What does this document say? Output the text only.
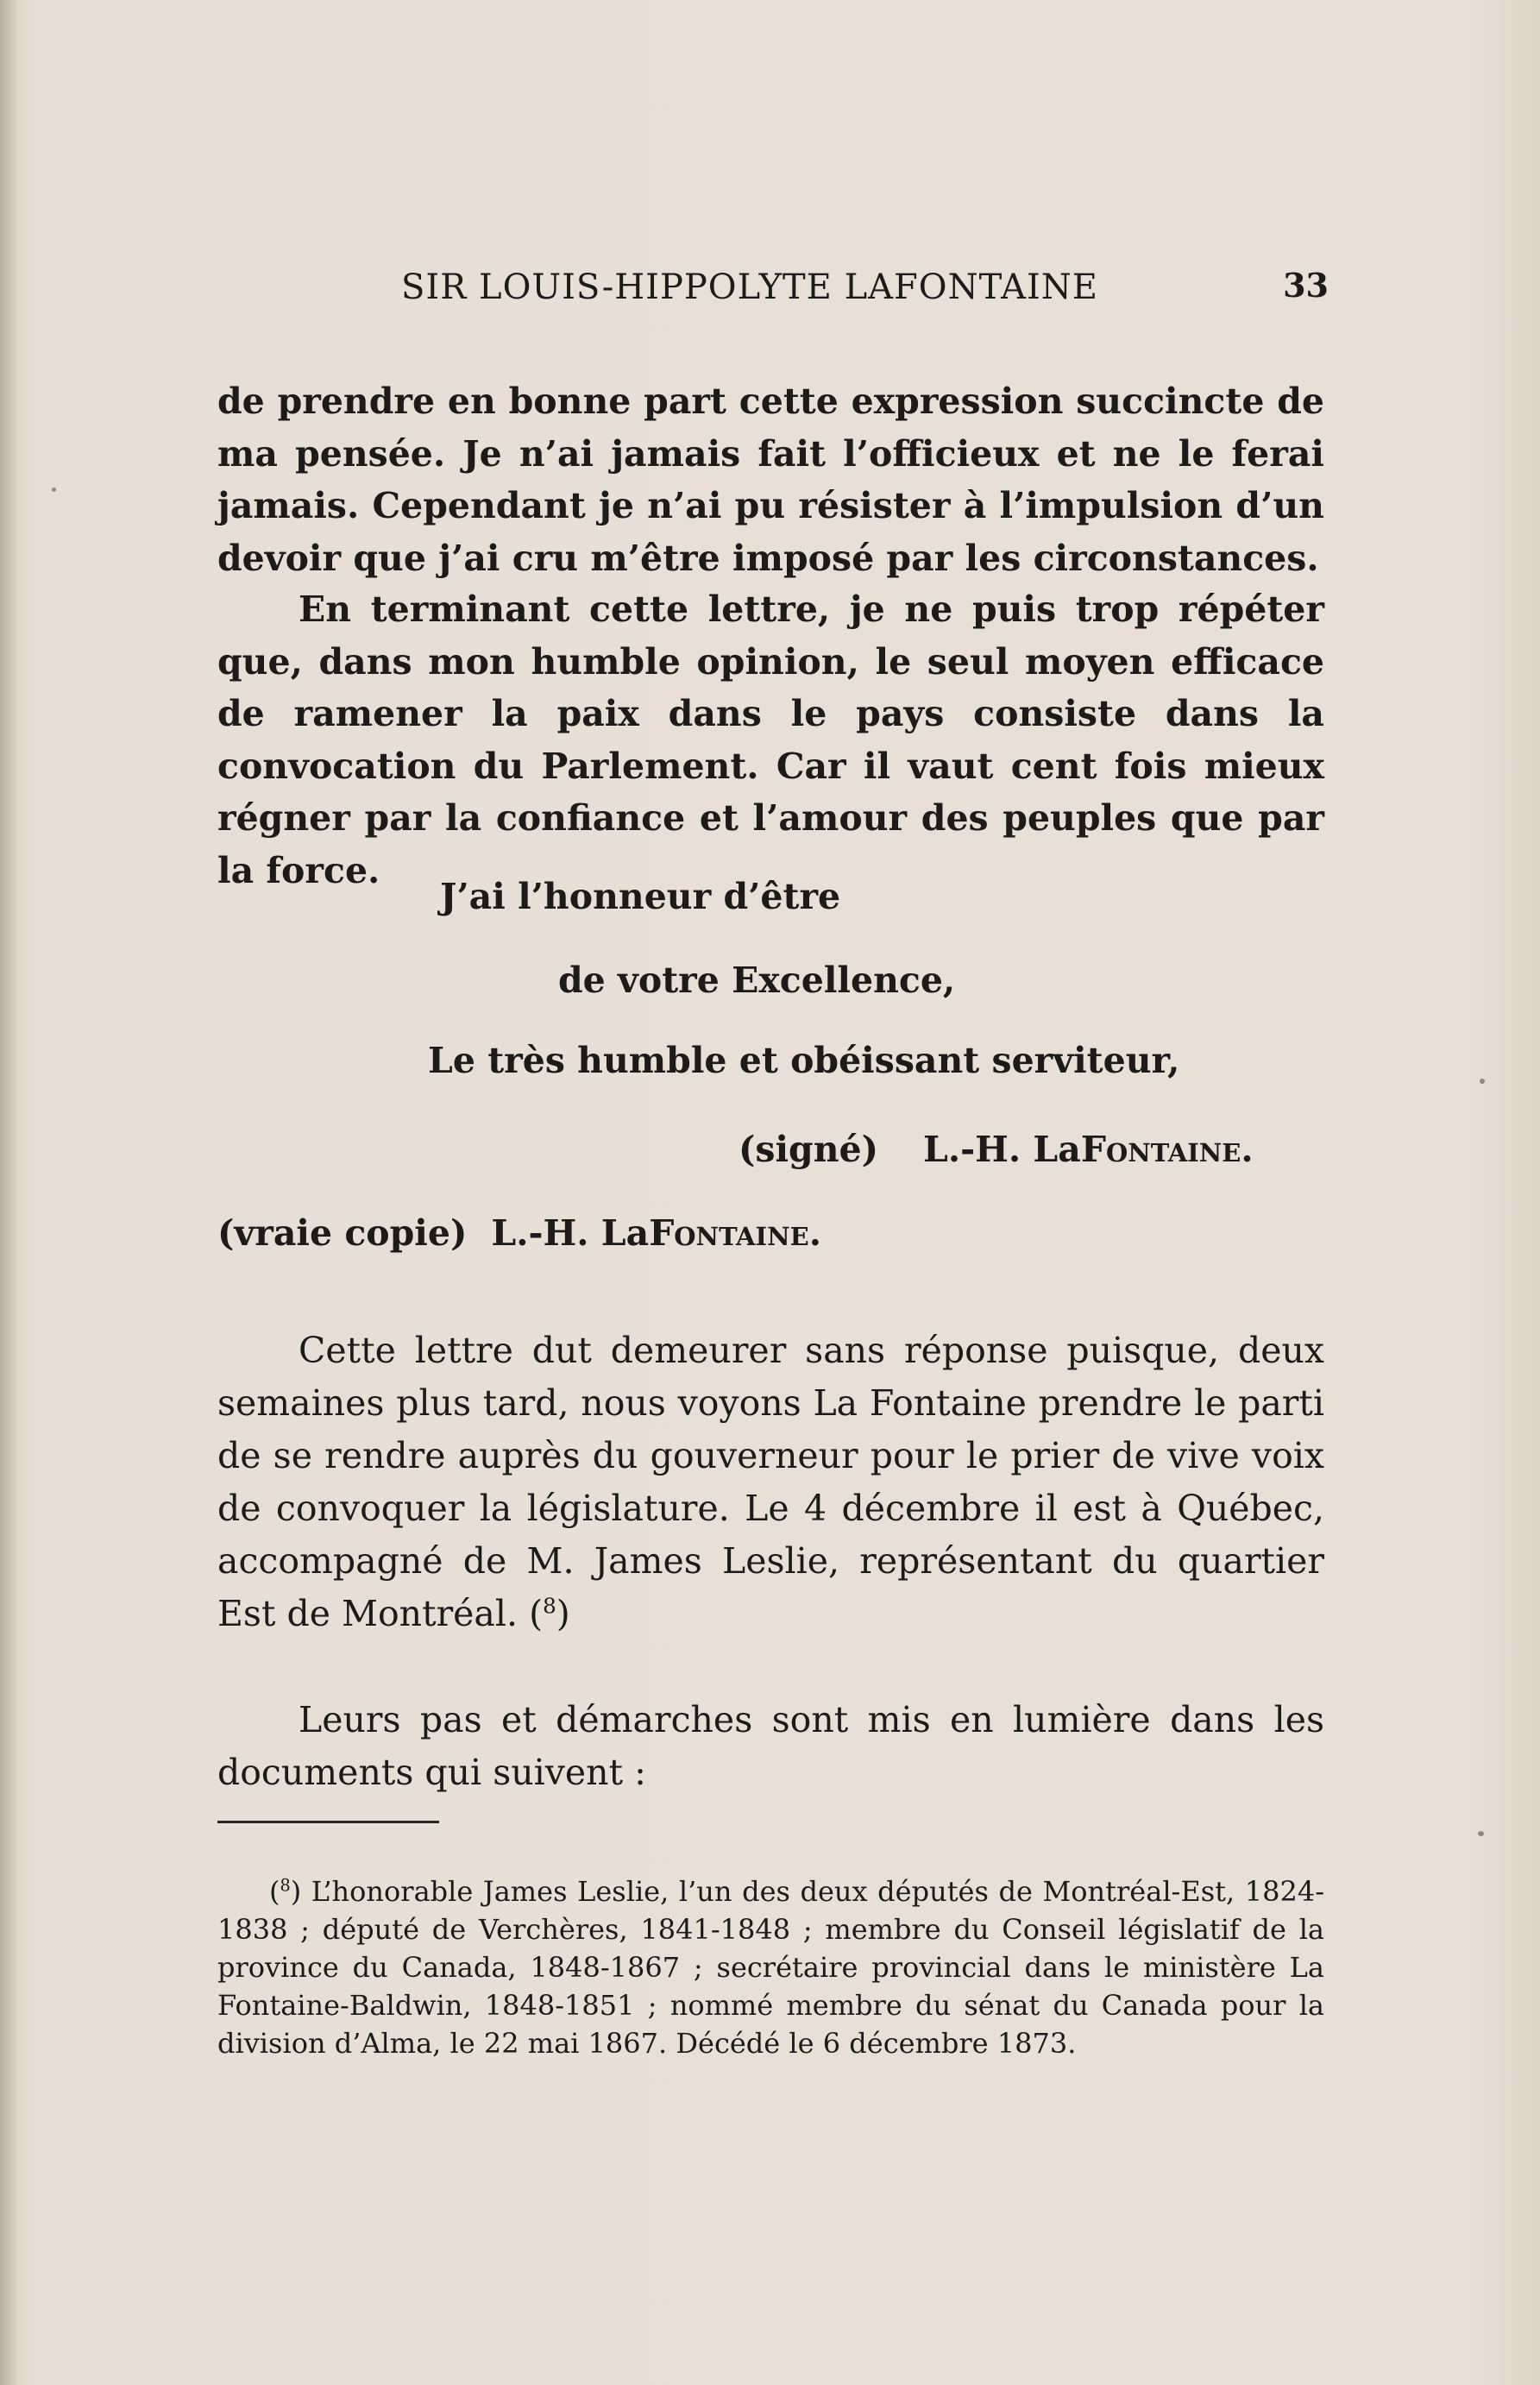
SIR LOUIS-HIPPOLYTE LAFONTAINE	33

de prendre en bonne part cette expression succincte de ma pensée. Je n’ai jamais fait l’officieux et ne le ferai jamais. Cependant je n’ai pu résister à l’impulsion d’un devoir que j’ai cru m’être imposé par les circonstances.

En terminant cette lettre, je ne puis trop répéter que, dans mon humble opinion, le seul moyen efficace de ramener la paix dans le pays consiste dans la convocation du Parlement. Car il vaut cent fois mieux régner par la confiance et l’amour des peuples que par la force.

J’ai l’honneur d’être
de votre Excellence,
Le très humble et obéissant serviteur,
(signé) L.-H. LaFontaine.
(vraie copie) L.-H. LaFontaine.

Cette lettre dut demeurer sans réponse puisque, deux semaines plus tard, nous voyons La Fontaine prendre le parti de se rendre auprès du gouverneur pour le prier de vive voix de convoquer la législature. Le 4 décembre il est à Québec, accompagné de M. James Leslie, représentant du quartier Est de Montréal. ($^8$)

Leurs pas et démarches sont mis en lumière dans les documents qui suivent :

($^8$) L’honorable James Leslie, l’un des deux députés de Montréal-Est, 1824-1838 ; député de Verchères, 1841-1848 ; membre du Conseil législatif de la province du Canada, 1848-1867 ; secrétaire provincial dans le ministère La Fontaine-Baldwin, 1848-1851 ; nommé membre du sénat du Canada pour la division d’Alma, le 22 mai 1867. Décédé le 6 décembre 1873.
